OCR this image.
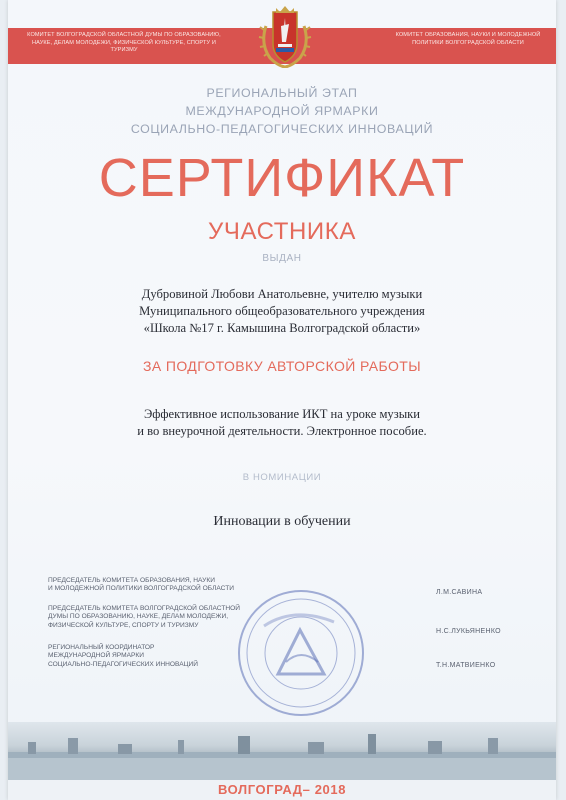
КОМИТЕТ ВОЛГОГРАДСКОЙ ОБЛАСТНОЙ ДУМЫ ПО ОБРАЗОВАНИЮ, НАУКЕ, ДЕЛАМ МОЛОДЕЖИ, ФИЗИЧЕСКОЙ КУЛЬТУРЕ, СПОРТУ И ТУРИЗМУ
КОМИТЕТ ОБРАЗОВАНИЯ, НАУКИ И МОЛОДЕЖНОЙ ПОЛИТИКИ ВОЛГОГРАДСКОЙ ОБЛАСТИ
РЕГИОНАЛЬНЫЙ ЭТАП
МЕЖДУНАРОДНОЙ ЯРМАРКИ
СОЦИАЛЬНО-ПЕДАГОГИЧЕСКИХ ИННОВАЦИЙ
СЕРТИФИКАТ
УЧАСТНИКА
ВЫДАН
Дубровиной Любови Анатольевне, учителю музыки
Муниципального общеобразовательного учреждения
«Школа №17 г. Камышина Волгоградской области»
ЗА ПОДГОТОВКУ АВТОРСКОЙ РАБОТЫ
Эффективное использование ИКТ на уроке музыки
и во внеурочной деятельности. Электронное пособие.
В НОМИНАЦИИ
Инновации в обучении
ПРЕДСЕДАТЕЛЬ КОМИТЕТА ОБРАЗОВАНИЯ, НАУКИ
И МОЛОДЕЖНОЙ ПОЛИТИКИ ВОЛГОГРАДСКОЙ ОБЛАСТИ
Л.М.САВИНА
ПРЕДСЕДАТЕЛЬ КОМИТЕТА ВОЛГОГРАДСКОЙ ОБЛАСТНОЙ
ДУМЫ ПО ОБРАЗОВАНИЮ, НАУКЕ, ДЕЛАМ МОЛОДЕЖИ,
ФИЗИЧЕСКОЙ КУЛЬТУРЕ, СПОРТУ И ТУРИЗМУ
Н.С.ЛУКЬЯНЕНКО
РЕГИОНАЛЬНЫЙ КООРДИНАТОР
МЕЖДУНАРОДНОЙ ЯРМАРКИ
СОЦИАЛЬНО-ПЕДАГОГИЧЕСКИХ ИННОВАЦИЙ	Т.Н.МАТВИЕНКО
ВОЛГОГРАД– 2018
